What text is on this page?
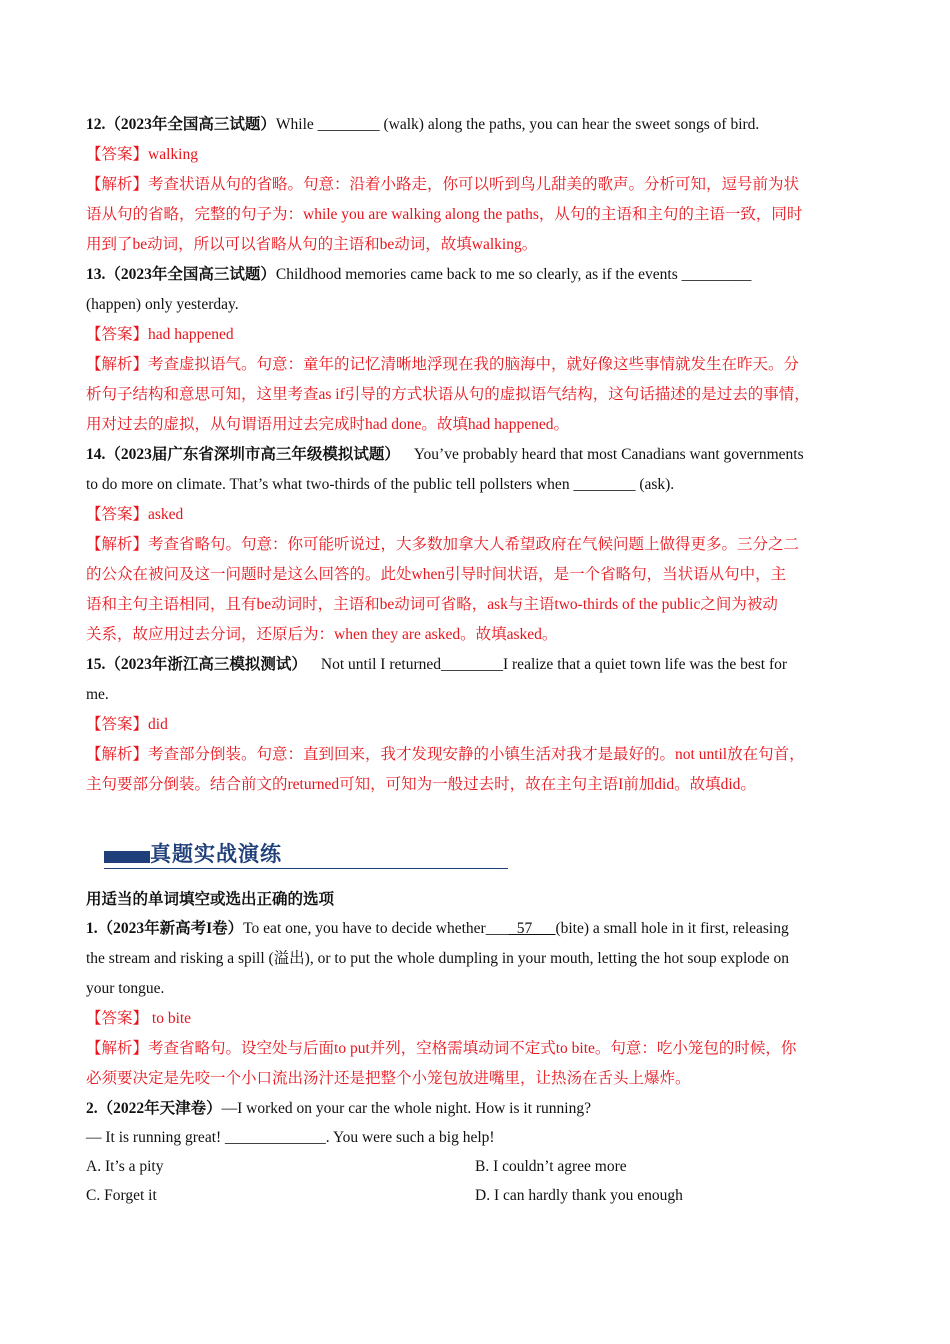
12.（2023年全国高三试题）While ________ (walk) along the paths, you can hear the sweet songs of bird.
【答案】walking
【解析】考查状语从句的省略。句意：沿着小路走，你可以听到鸟儿甜美的歌声。分析可知，逗号前为状
语从句的省略，完整的句子为：while you are walking along the paths，从句的主语和主句的主语一致，同时
用到了be动词，所以可以省略从句的主语和be动词，故填walking。
13.（2023年全国高三试题）Childhood memories came back to me so clearly, as if the events _________
(happen) only yesterday.
【答案】had happened
【解析】考查虚拟语气。句意：童年的记忆清晰地浮现在我的脑海中，就好像这些事情就发生在昨天。分
析句子结构和意思可知，这里考查as if引导的方式状语从句的虚拟语气结构，这句话描述的是过去的事情，
用对过去的虚拟，从句谓语用过去完成时had done。故填had happened。
14.（2023届广东省深圳市高三年级模拟试题） You’ve probably heard that most Canadians want governments
to do more on climate. That’s what two-thirds of the public tell pollsters when ________ (ask).
【答案】asked
【解析】考查省略句。句意：你可能听说过，大多数加拿大人希望政府在气候问题上做得更多。三分之二
的公众在被问及这一问题时是这么回答的。此处when引导时间状语，是一个省略句，当状语从句中，主
语和主句主语相同，且有be动词时，主语和be动词可省略，ask与主语two-thirds of the public之间为被动
关系，故应用过去分词，还原后为：when they are asked。故填asked。
15.（2023年浙江高三模拟测试） Not until I returned________I realize that a quiet town life was the best for
me.
【答案】did
【解析】考查部分倒装。句意：直到回来，我才发现安静的小镇生活对我才是最好的。not until放在句首，
主句要部分倒装。结合前文的returned可知，可知为一般过去时，故在主句主语I前加did。故填did。
真题实战演练
用适当的单词填空或选出正确的选项
1.（2023年新高考I卷）To eat one, you have to decide whether____57___(bite) a small hole in it first, releasing
the stream and risking a spill (溢出), or to put the whole dumpling in your mouth, letting the hot soup explode on
your tongue.
【答案】 to bite
【解析】考查省略句。设空处与后面to put并列，空格需填动词不定式to bite。句意：吃小笼包的时候，你
必须要决定是先咬一个小口流出汤汁还是把整个小笼包放进嘴里，让热汤在舌头上爆炸。
2.（2022年天津卷）—I worked on your car the whole night. How is it running?
— It is running great! _____________. You were such a big help!
A. It’s a pity	B. I couldn’t agree more
C. Forget it	D. I can hardly thank you enough
